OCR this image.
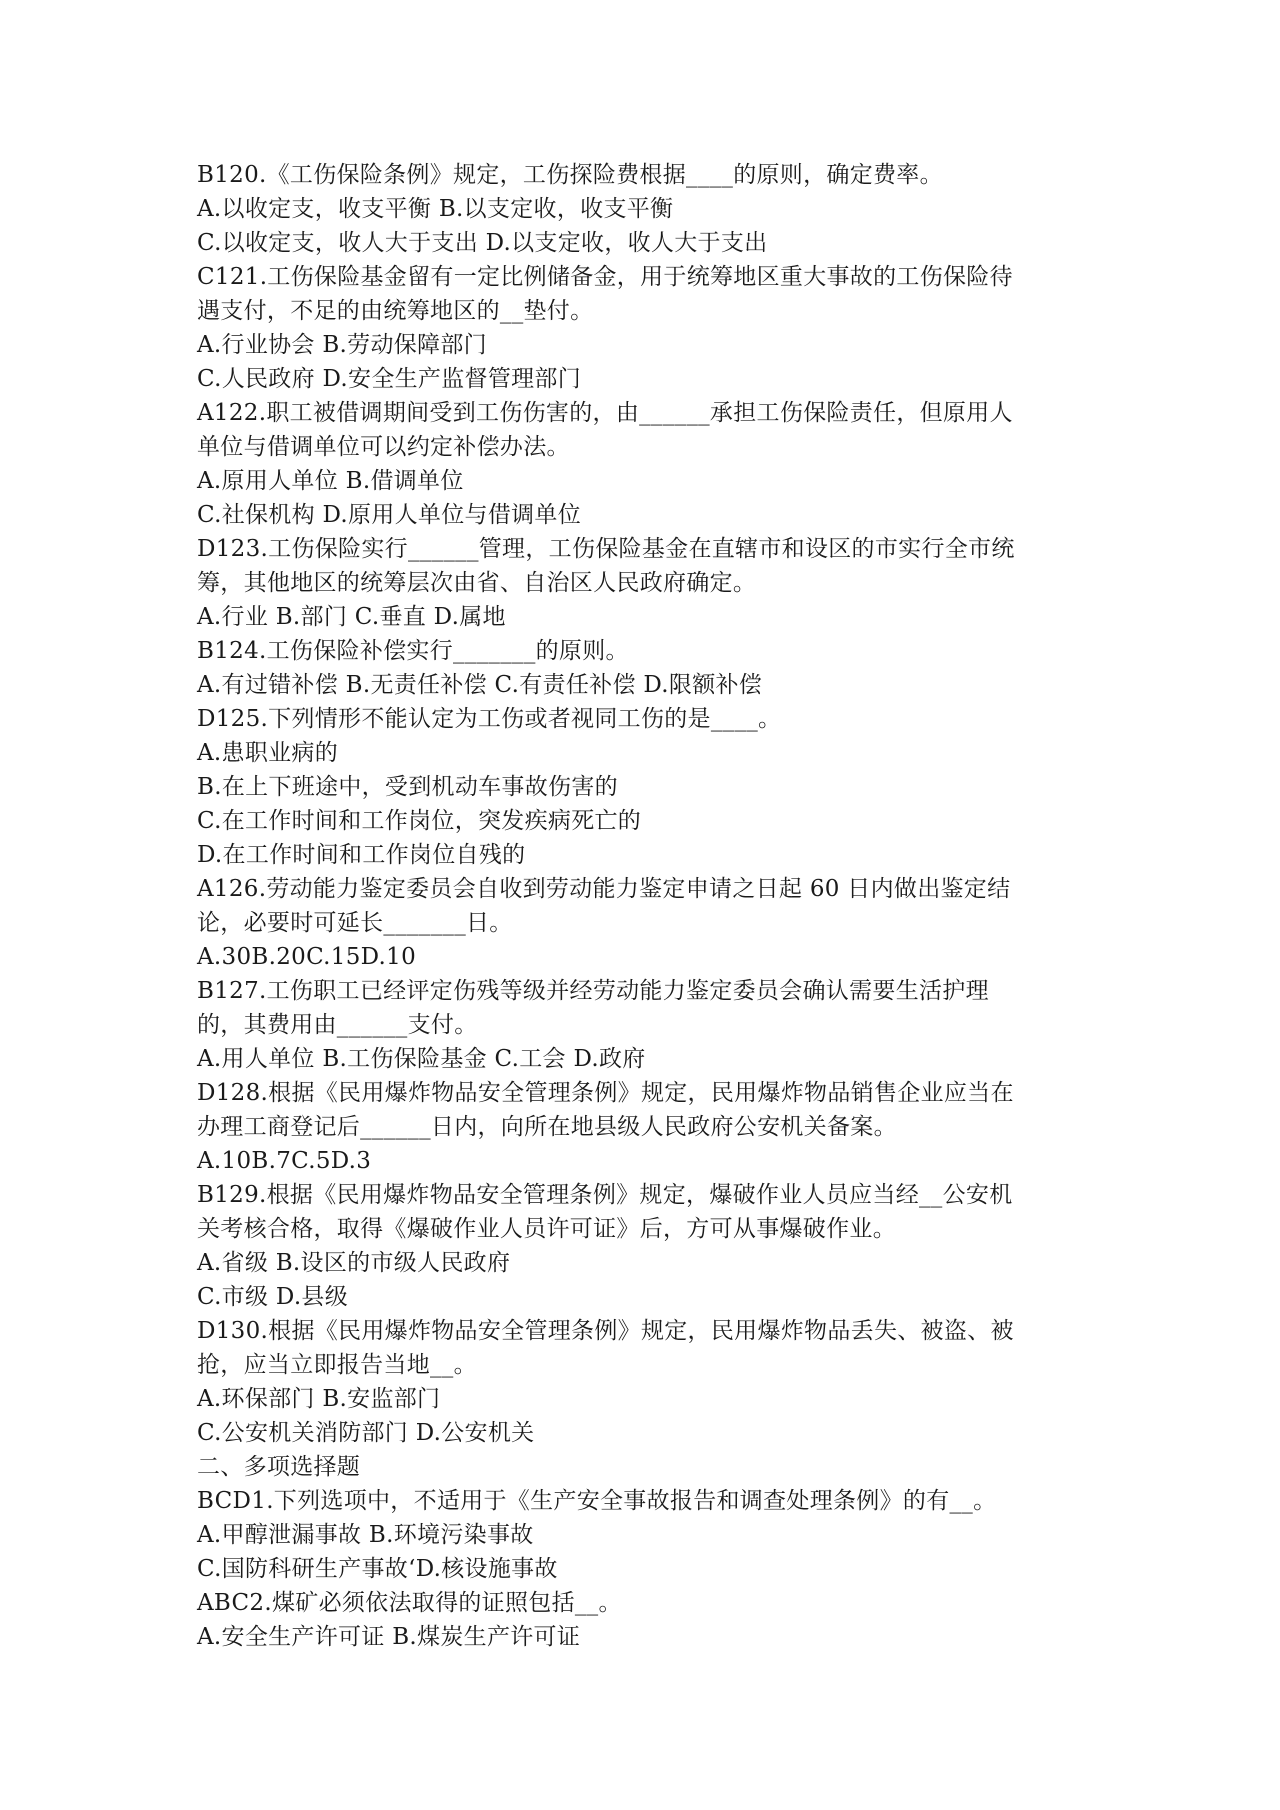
B120.《工伤保险条例》规定，工伤探险费根据____的原则，确定费率。
A.以收定支，收支平衡 B.以支定收，收支平衡
C.以收定支，收人大于支出 D.以支定收，收人大于支出
C121.工伤保险基金留有一定比例储备金，用于统筹地区重大事故的工伤保险待
遇支付，不足的由统筹地区的__垫付。
A.行业协会 B.劳动保障部门
C.人民政府 D.安全生产监督管理部门
A122.职工被借调期间受到工伤伤害的，由______承担工伤保险责任，但原用人
单位与借调单位可以约定补偿办法。
A.原用人单位 B.借调单位
C.社保机构 D.原用人单位与借调单位
D123.工伤保险实行______管理，工伤保险基金在直辖市和设区的市实行全市统
筹，其他地区的统筹层次由省、自治区人民政府确定。
A.行业 B.部门 C.垂直 D.属地
B124.工伤保险补偿实行_______的原则。
A.有过错补偿 B.无责任补偿 C.有责任补偿 D.限额补偿
D125.下列情形不能认定为工伤或者视同工伤的是____。
A.患职业病的
B.在上下班途中，受到机动车事故伤害的
C.在工作时间和工作岗位，突发疾病死亡的
D.在工作时间和工作岗位自残的
A126.劳动能力鉴定委员会自收到劳动能力鉴定申请之日起 60 日内做出鉴定结
论，必要时可延长_______日。
A.30B.20C.15D.10
B127.工伤职工已经评定伤残等级并经劳动能力鉴定委员会确认需要生活护理
的，其费用由______支付。
A.用人单位 B.工伤保险基金 C.工会 D.政府
D128.根据《民用爆炸物品安全管理条例》规定，民用爆炸物品销售企业应当在
办理工商登记后______日内，向所在地县级人民政府公安机关备案。
A.10B.7C.5D.3
B129.根据《民用爆炸物品安全管理条例》规定，爆破作业人员应当经__公安机
关考核合格，取得《爆破作业人员许可证》后，方可从事爆破作业。
A.省级 B.设区的市级人民政府
C.市级 D.县级
D130.根据《民用爆炸物品安全管理条例》规定，民用爆炸物品丢失、被盗、被
抢，应当立即报告当地__。
A.环保部门 B.安监部门
C.公安机关消防部门 D.公安机关
二、多项选择题
BCD1.下列选项中，不适用于《生产安全事故报告和调查处理条例》的有__。
A.甲醇泄漏事故 B.环境污染事故
C.国防科研生产事故‘D.核设施事故
ABC2.煤矿必须依法取得的证照包括__。
A.安全生产许可证 B.煤炭生产许可证
